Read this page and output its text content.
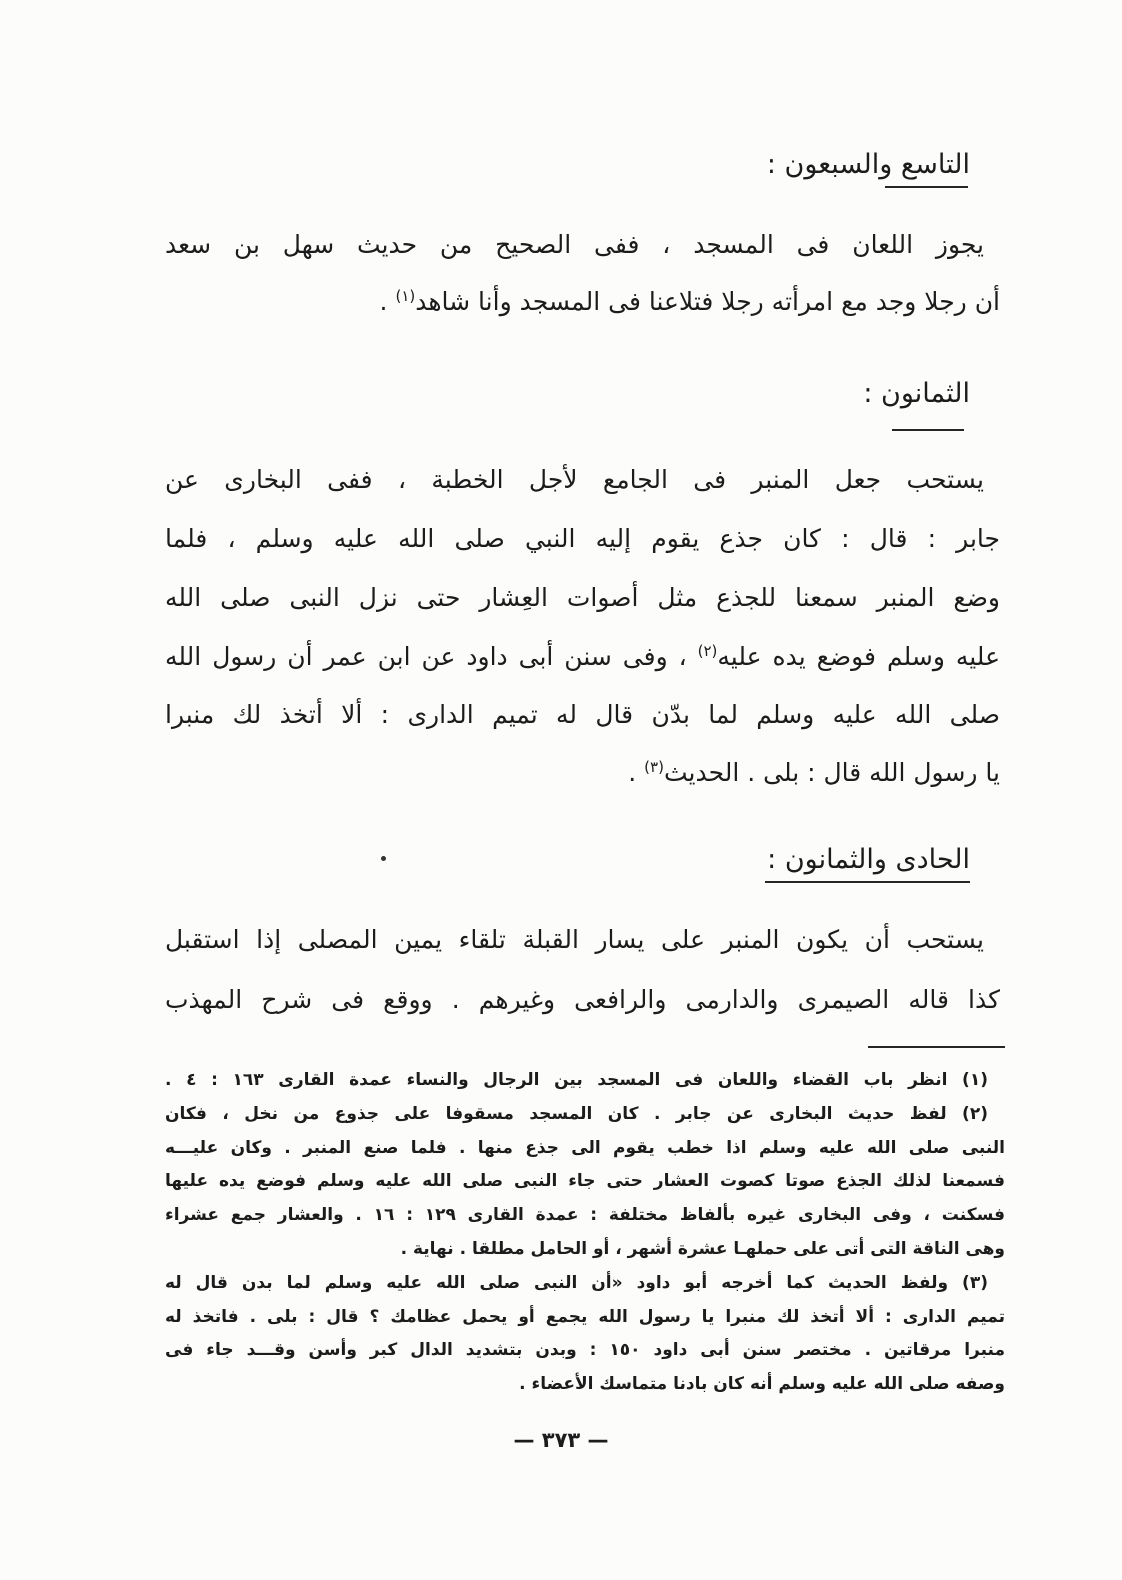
التاسع والسبعون :
يجوز اللعان فى المسجد ، ففى الصحيح من حديث سهل بن سعد
أن رجلا وجد مع امرأته رجلا فتلاعنا فى المسجد وأنا شاهد$^{(١)}$ .
الثمانون :
يستحب جعل المنبر فى الجامع لأجل الخطبة ، ففى البخارى عن
جابر : قال : كان جذع يقوم إليه النبي صلى الله عليه وسلم ، فلما
وضع المنبر سمعنا للجذع مثل أصوات العِشار حتى نزل النبى صلى الله
عليه وسلم فوضع يده عليه$^{(٢)}$ ، وفى سنن أبى داود عن ابن عمر أن رسول الله
صلى الله عليه وسلم لما بدّن قال له تميم الدارى : ألا أتخذ لك منبرا
يا رسول الله قال : بلى . الحديث$^{(٣)}$ .
الحادى والثمانون :
يستحب أن يكون المنبر على يسار القبلة تلقاء يمين المصلى إذا استقبل
كذا قاله الصيمرى والدارمى والرافعى وغيرهم . ووقع فى شرح المهذب
(١) انظر باب القضاء واللعان فى المسجد بين الرجال والنساء عمدة القارى ١٦٣ : ٤ .
(٢) لفظ حديث البخارى عن جابر . كان المسجد مسقوفا على جذوع من نخل ، فكان
النبى صلى الله عليه وسلم اذا خطب يقوم الى جذع منها . فلما صنع المنبر . وكان عليـــه
فسمعنا لذلك الجذع صوتا كصوت العشار حتى جاء النبى صلى الله عليه وسلم فوضع يده عليها
فسكنت ، وفى البخارى غيره بألفاظ مختلفة : عمدة القارى ١٢٩ : ١٦ . والعشار جمع عشراء
وهى الناقة التى أتى على حملهـا عشرة أشهر ، أو الحامل مطلقا . نهاية .
(٣) ولفظ الحديث كما أخرجه أبو داود «أن النبى صلى الله عليه وسلم لما بدن قال له
تميم الدارى : ألا أتخذ لك منبرا يا رسول الله يجمع أو يحمل عظامك ؟ قال : بلى . فاتخذ له
منبرا مرقاتين . مختصر سنن أبى داود ١٥٠ : وبدن بتشديد الدال كبر وأسن وقـــد جاء فى
وصفه صلى الله عليه وسلم أنه كان بادنا متماسك الأعضاء .
— ٣٧٣ —
